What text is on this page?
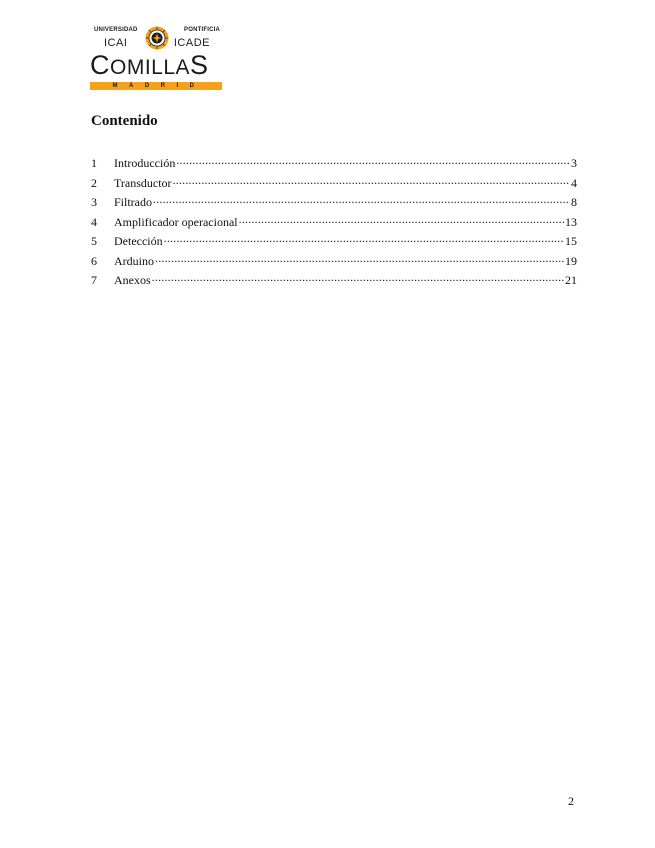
UNIVERSIDAD	PONTIFICIA
ICAI	ICADE
COMILLAS
MADRID
Contenido
1	Introducción .....	3
2	Transductor .....	4
3	Filtrado .....	8
4	Amplificador operacional .....	13
5	Detección .....	15
6	Arduino .....	19
7	Anexos .....	21
2
